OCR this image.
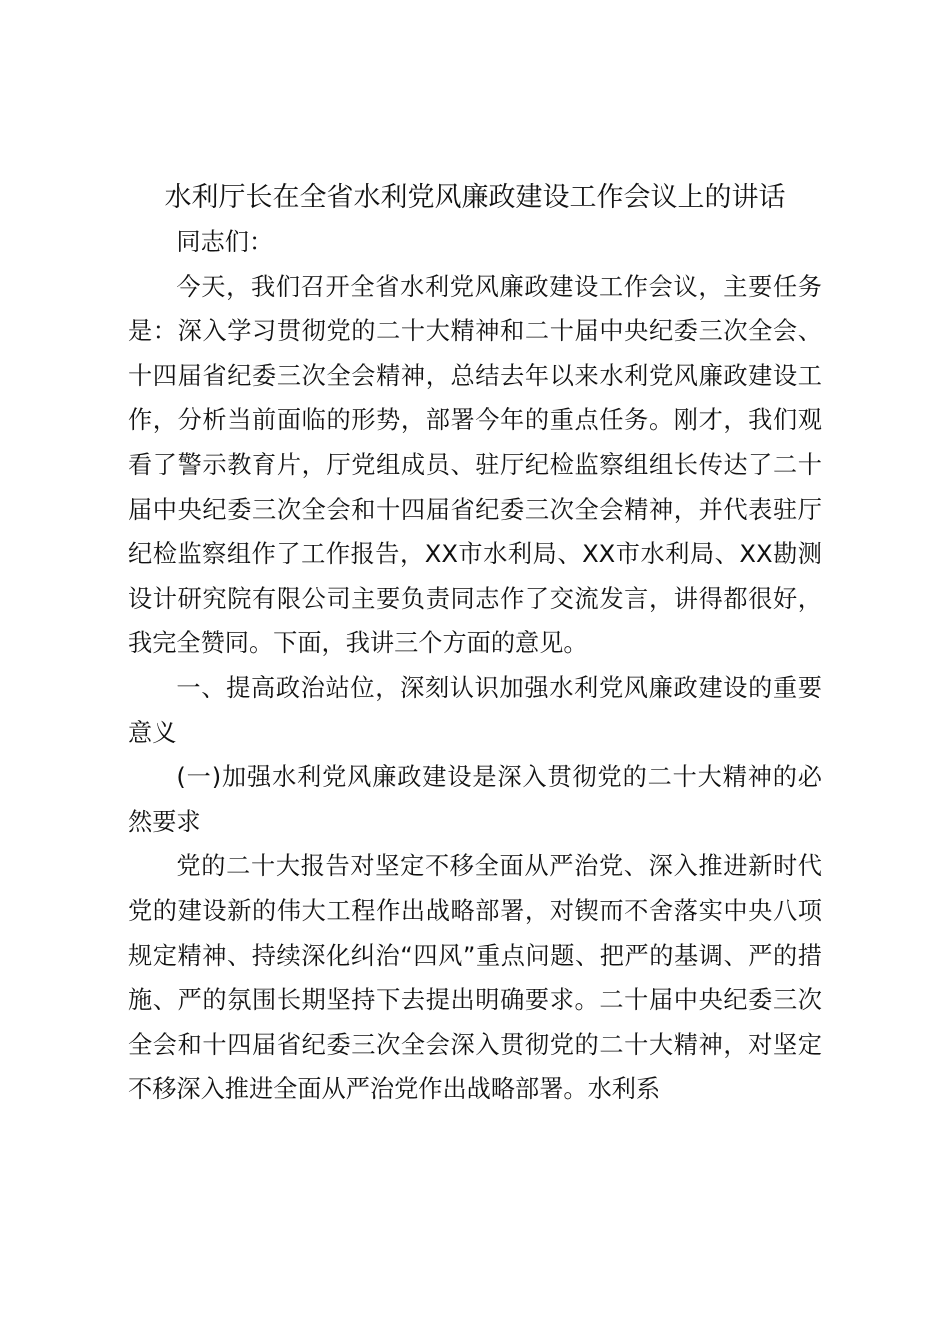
水利厅长在全省水利党风廉政建设工作会议上的讲话

同志们：

今天，我们召开全省水利党风廉政建设工作会议，主要任务是：深入学习贯彻党的二十大精神和二十届中央纪委三次全会、十四届省纪委三次全会精神，总结去年以来水利党风廉政建设工作，分析当前面临的形势，部署今年的重点任务。刚才，我们观看了警示教育片，厅党组成员、驻厅纪检监察组组长传达了二十届中央纪委三次全会和十四届省纪委三次全会精神，并代表驻厅纪检监察组作了工作报告，XX市水利局、XX市水利局、XX勘测设计研究院有限公司主要负责同志作了交流发言，讲得都很好，我完全赞同。下面，我讲三个方面的意见。

一、提高政治站位，深刻认识加强水利党风廉政建设的重要意义

(一)加强水利党风廉政建设是深入贯彻党的二十大精神的必然要求

党的二十大报告对坚定不移全面从严治党、深入推进新时代党的建设新的伟大工程作出战略部署，对锲而不舍落实中央八项规定精神、持续深化纠治“四风”重点问题、把严的基调、严的措施、严的氛围长期坚持下去提出明确要求。二十届中央纪委三次全会和十四届省纪委三次全会深入贯彻党的二十大精神，对坚定不移深入推进全面从严治党作出战略部署。水利系
